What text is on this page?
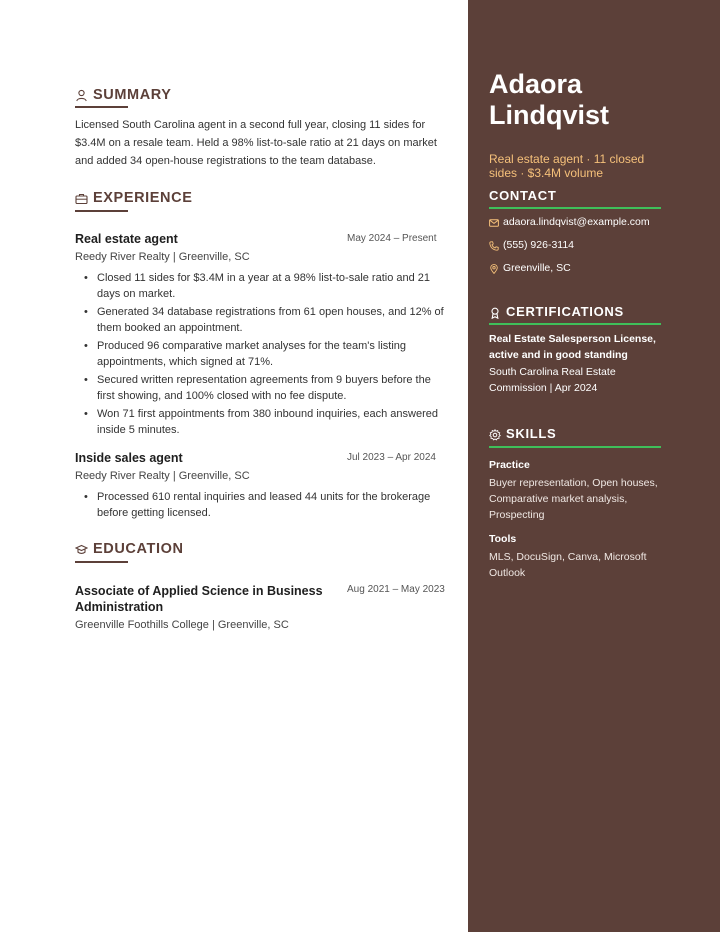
SUMMARY

Licensed South Carolina agent in a second full year, closing 11 sides for $3.4M on a resale team. Held a 98% list-to-sale ratio at 21 days on market and added 34 open-house registrations to the team database.

EXPERIENCE
Real estate agent	May 2024 – Present
Reedy River Realty | Greenville, SC
• Closed 11 sides for $3.4M in a year at a 98% list-to-sale ratio and 21 days on market.
• Generated 34 database registrations from 61 open houses, and 12% of them booked an appointment.
• Produced 96 comparative market analyses for the team's listing appointments, which signed at 71%.
• Secured written representation agreements from 9 buyers before the first showing, and 100% closed with no fee dispute.
• Won 71 first appointments from 380 inbound inquiries, each answered inside 5 minutes.
Inside sales agent	Jul 2023 – Apr 2024
Reedy River Realty | Greenville, SC
• Processed 610 rental inquiries and leased 44 units for the brokerage before getting licensed.
EDUCATION
Associate of Applied Science in Business Administration
Aug 2021 – May 2023
Greenville Foothills College | Greenville, SC
Adaora
Lindqvist
Real estate agent · 11 closed sides · $3.4M volume
CONTACT
adaora.lindqvist@example.com
(555) 926-3114
Greenville, SC
CERTIFICATIONS
Real Estate Salesperson License, active and in good standing
South Carolina Real Estate Commission | Apr 2024
SKILLS
Practice
Buyer representation, Open houses, Comparative market analysis, Prospecting
Tools
MLS, DocuSign, Canva, Microsoft Outlook
